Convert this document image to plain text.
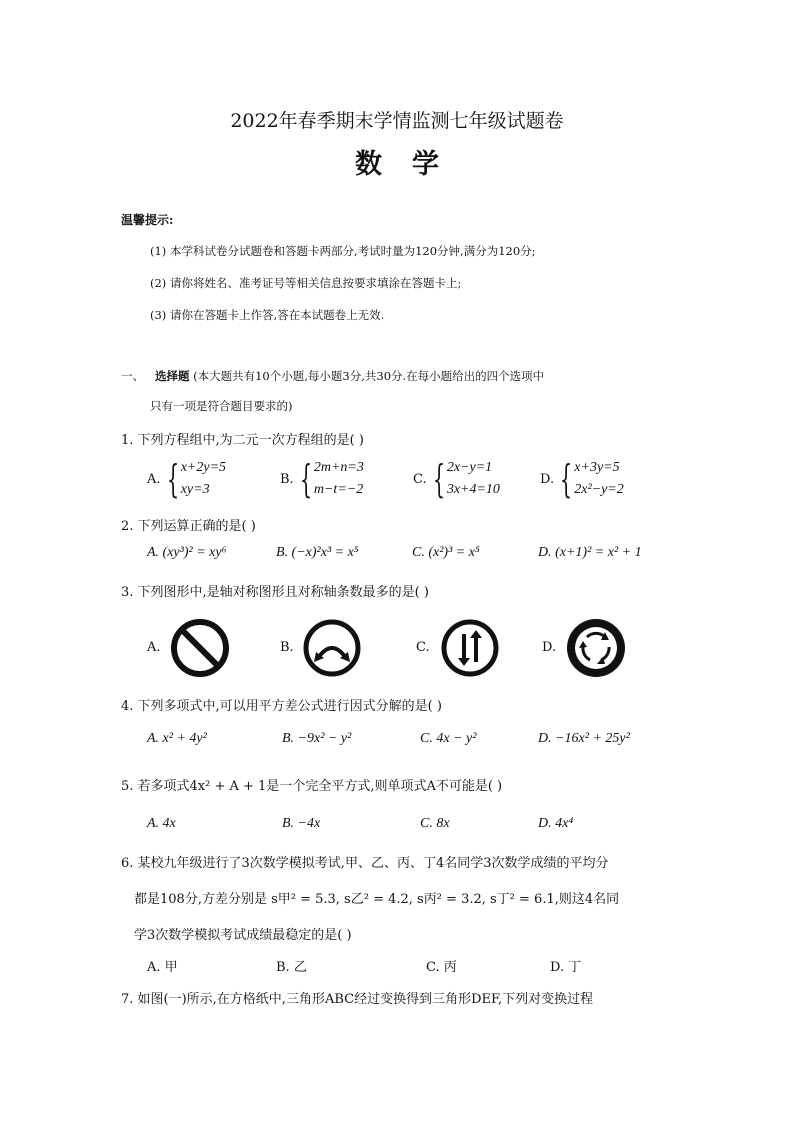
2022年春季期末学情监测七年级试题卷
数学
温馨提示:
(1) 本学科试卷分试题卷和答题卡两部分,考试时量为120分钟,满分为120分;
(2) 请你将姓名、准考证号等相关信息按要求填涂在答题卡上;
(3) 请你在答题卡上作答,答在本试题卷上无效.
一、 选择题 (本大题共有10个小题,每小题3分,共30分.在每小题给出的四个选项中
只有一项是符合题目要求的)
1. 下列方程组中,为二元一次方程组的是( )
A. { x+2y=5
xy=3
B. { 2m+n=3
m−t=−2
C. { 2x−y=1
3x+4=10
D. { x+3y=5
2x²−y=2
2. 下列运算正确的是( )
A. (xy³)² = xy⁶	B. (−x)²x³ = x⁵	C. (x²)³ = x⁵	D. (x+1)² = x² + 1
3. 下列图形中,是轴对称图形且对称轴条数最多的是( )
A.	B.	C.	D.
4. 下列多项式中,可以用平方差公式进行因式分解的是( )
A. x² + 4y²	B. −9x² − y²	C. 4x − y²	D. −16x² + 25y²
5. 若多项式4x² + A + 1是一个完全平方式,则单项式A不可能是( )
A. 4x	B. −4x	C. 8x	D. 4x⁴
6. 某校九年级进行了3次数学模拟考试,甲、乙、丙、丁4名同学3次数学成绩的平均分
都是108分,方差分别是 s甲² = 5.3, s乙² = 4.2, s丙² = 3.2, s丁² = 6.1,则这4名同
学3次数学模拟考试成绩最稳定的是( )
A. 甲	B. 乙	C. 丙	D. 丁
7. 如图(一)所示,在方格纸中,三角形ABC经过变换得到三角形DEF,下列对变换过程
